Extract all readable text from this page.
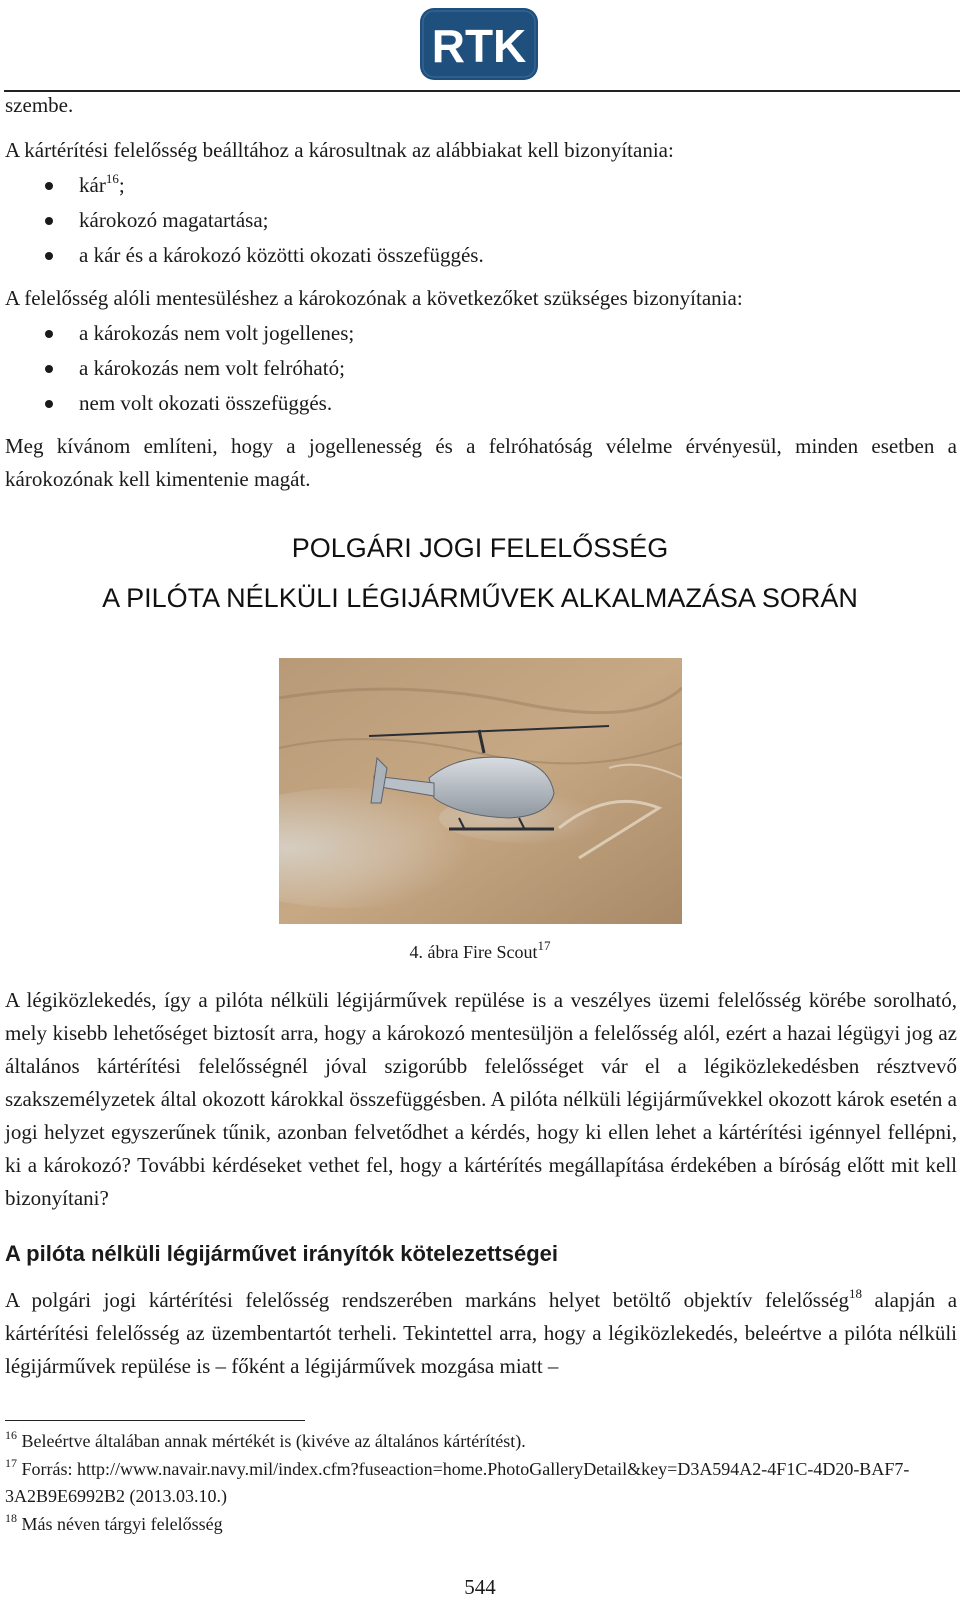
RTK
szembe.
A kártérítési felelősség beálltához a károsultnak az alábbiakat kell bizonyítania:
kár$^{16}$;
károkozó magatartása;
a kár és a károkozó közötti okozati összefüggés.
A felelősség alóli mentesüléshez a károkozónak a következőket szükséges bizonyítania:
a károkozás nem volt jogellenes;
a károkozás nem volt felróható;
nem volt okozati összefüggés.
Meg kívánom említeni, hogy a jogellenesség és a felróhatóság vélelme érvényesül, minden esetben a károkozónak kell kimentenie magát.
POLGÁRI JOGI FELELŐSSÉG
A PILÓTA NÉLKÜLI LÉGIJÁRMŰVEK ALKALMAZÁSA SORÁN
4. ábra Fire Scout$^{17}$
A légiközlekedés, így a pilóta nélküli légijárművek repülése is a veszélyes üzemi felelősség körébe sorolható, mely kisebb lehetőséget biztosít arra, hogy a károkozó mentesüljön a felelősség alól, ezért a hazai légügyi jog az általános kártérítési felelősségnél jóval szigorúbb felelősséget vár el a légiközlekedésben résztvevő szakszemélyzetek által okozott károkkal összefüggésben. A pilóta nélküli légijárművekkel okozott károk esetén a jogi helyzet egyszerűnek tűnik, azonban felvetődhet a kérdés, hogy ki ellen lehet a kártérítési igénnyel fellépni, ki a károkozó? További kérdéseket vethet fel, hogy a kártérítés megállapítása érdekében a bíróság előtt mit kell bizonyítani?
A pilóta nélküli légijárművet irányítók kötelezettségei
A polgári jogi kártérítési felelősség rendszerében markáns helyet betöltő objektív felelősség$^{18}$ alapján a kártérítési felelősség az üzembentartót terheli. Tekintettel arra, hogy a légiközlekedés, beleértve a pilóta nélküli légijárművek repülése is – főként a légijárművek mozgása miatt –

$^{16}$ Beleértve általában annak mértékét is (kivéve az általános kártérítést).

$^{17}$ Forrás: http://www.navair.navy.mil/index.cfm?fuseaction=home.PhotoGalleryDetail&key=D3A594A2-4F1C-4D20-BAF7-3A2B9E6992B2 (2013.03.10.)

$^{18}$ Más néven tárgyi felelősség

544
